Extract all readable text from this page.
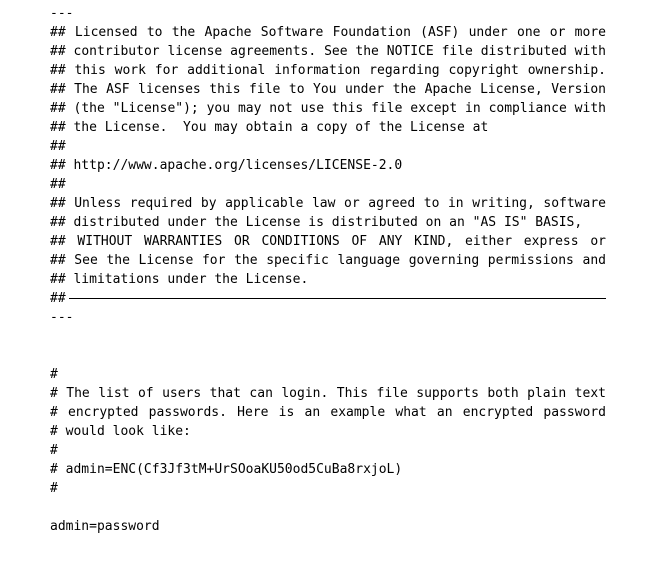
---
## Licensed to the Apache Software Foundation (ASF) under one or more
## contributor license agreements. See the NOTICE file distributed with
## this work for additional information regarding copyright ownership.
## The ASF licenses this file to You under the Apache License, Version
## (the "License"); you may not use this file except in compliance with
## the License.  You may obtain a copy of the License at
##
## http://www.apache.org/licenses/LICENSE-2.0
##
## Unless required by applicable law or agreed to in writing, software
## distributed under the License is distributed on an "AS IS" BASIS,
## WITHOUT WARRANTIES OR CONDITIONS OF ANY KIND, either express or
## See the License for the specific language governing permissions and
## limitations under the License.
##
---
#
# The list of users that can login. This file supports both plain text
# encrypted passwords. Here is an example what an encrypted password
# would look like:
#
# admin=ENC(Cf3Jf3tM+UrSOoaKU50od5CuBa8rxjoL)
#
admin=password
